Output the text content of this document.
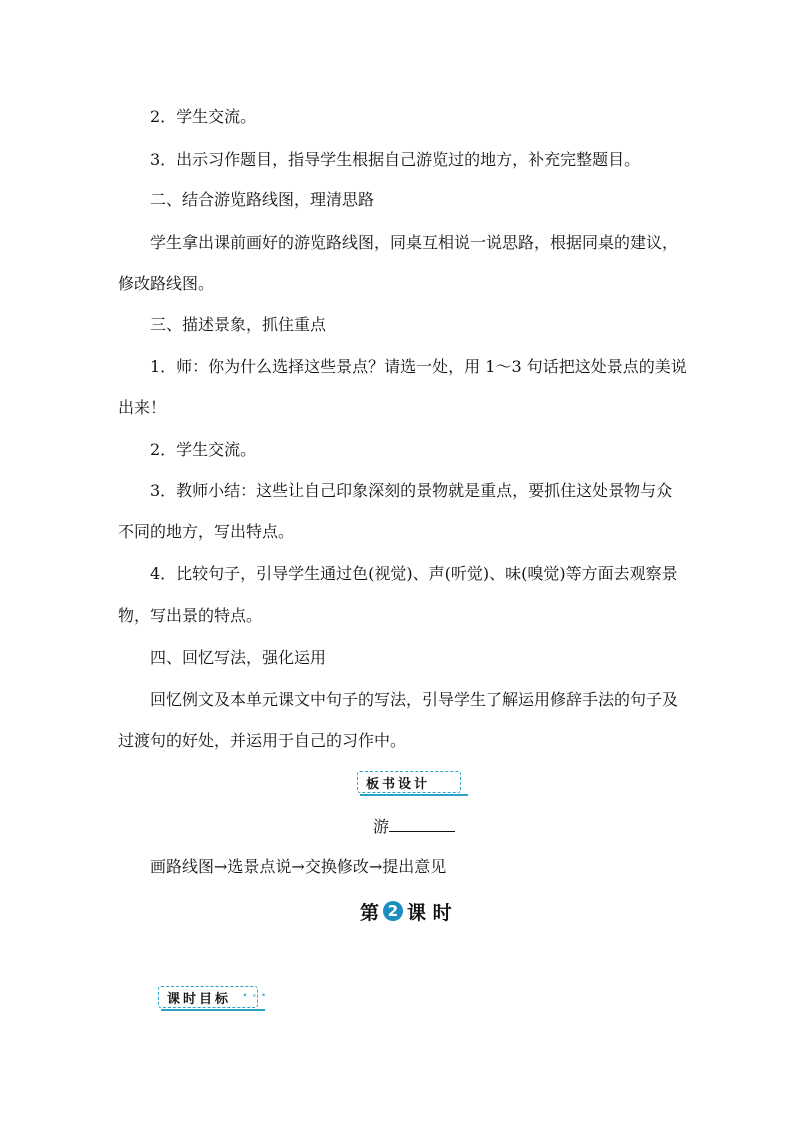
2．学生交流。
3．出示习作题目，指导学生根据自己游览过的地方，补充完整题目。
二、结合游览路线图，理清思路
学生拿出课前画好的游览路线图，同桌互相说一说思路，根据同桌的建议，
修改路线图。
三、描述景象，抓住重点
1．师：你为什么选择这些景点？请选一处，用 1～3 句话把这处景点的美说
出来！
2．学生交流。
3．教师小结：这些让自己印象深刻的景物就是重点，要抓住这处景物与众
不同的地方，写出特点。
4．比较句子，引导学生通过色(视觉)、声(听觉)、味(嗅觉)等方面去观察景
物，写出景的特点。
四、回忆写法，强化运用
回忆例文及本单元课文中句子的写法，引导学生了解运用修辞手法的句子及
过渡句的好处，并运用于自己的习作中。
板书设计
游
画路线图→选景点说→交换修改→提出意见
第 2 课 时
课时目标 • ∘ •
